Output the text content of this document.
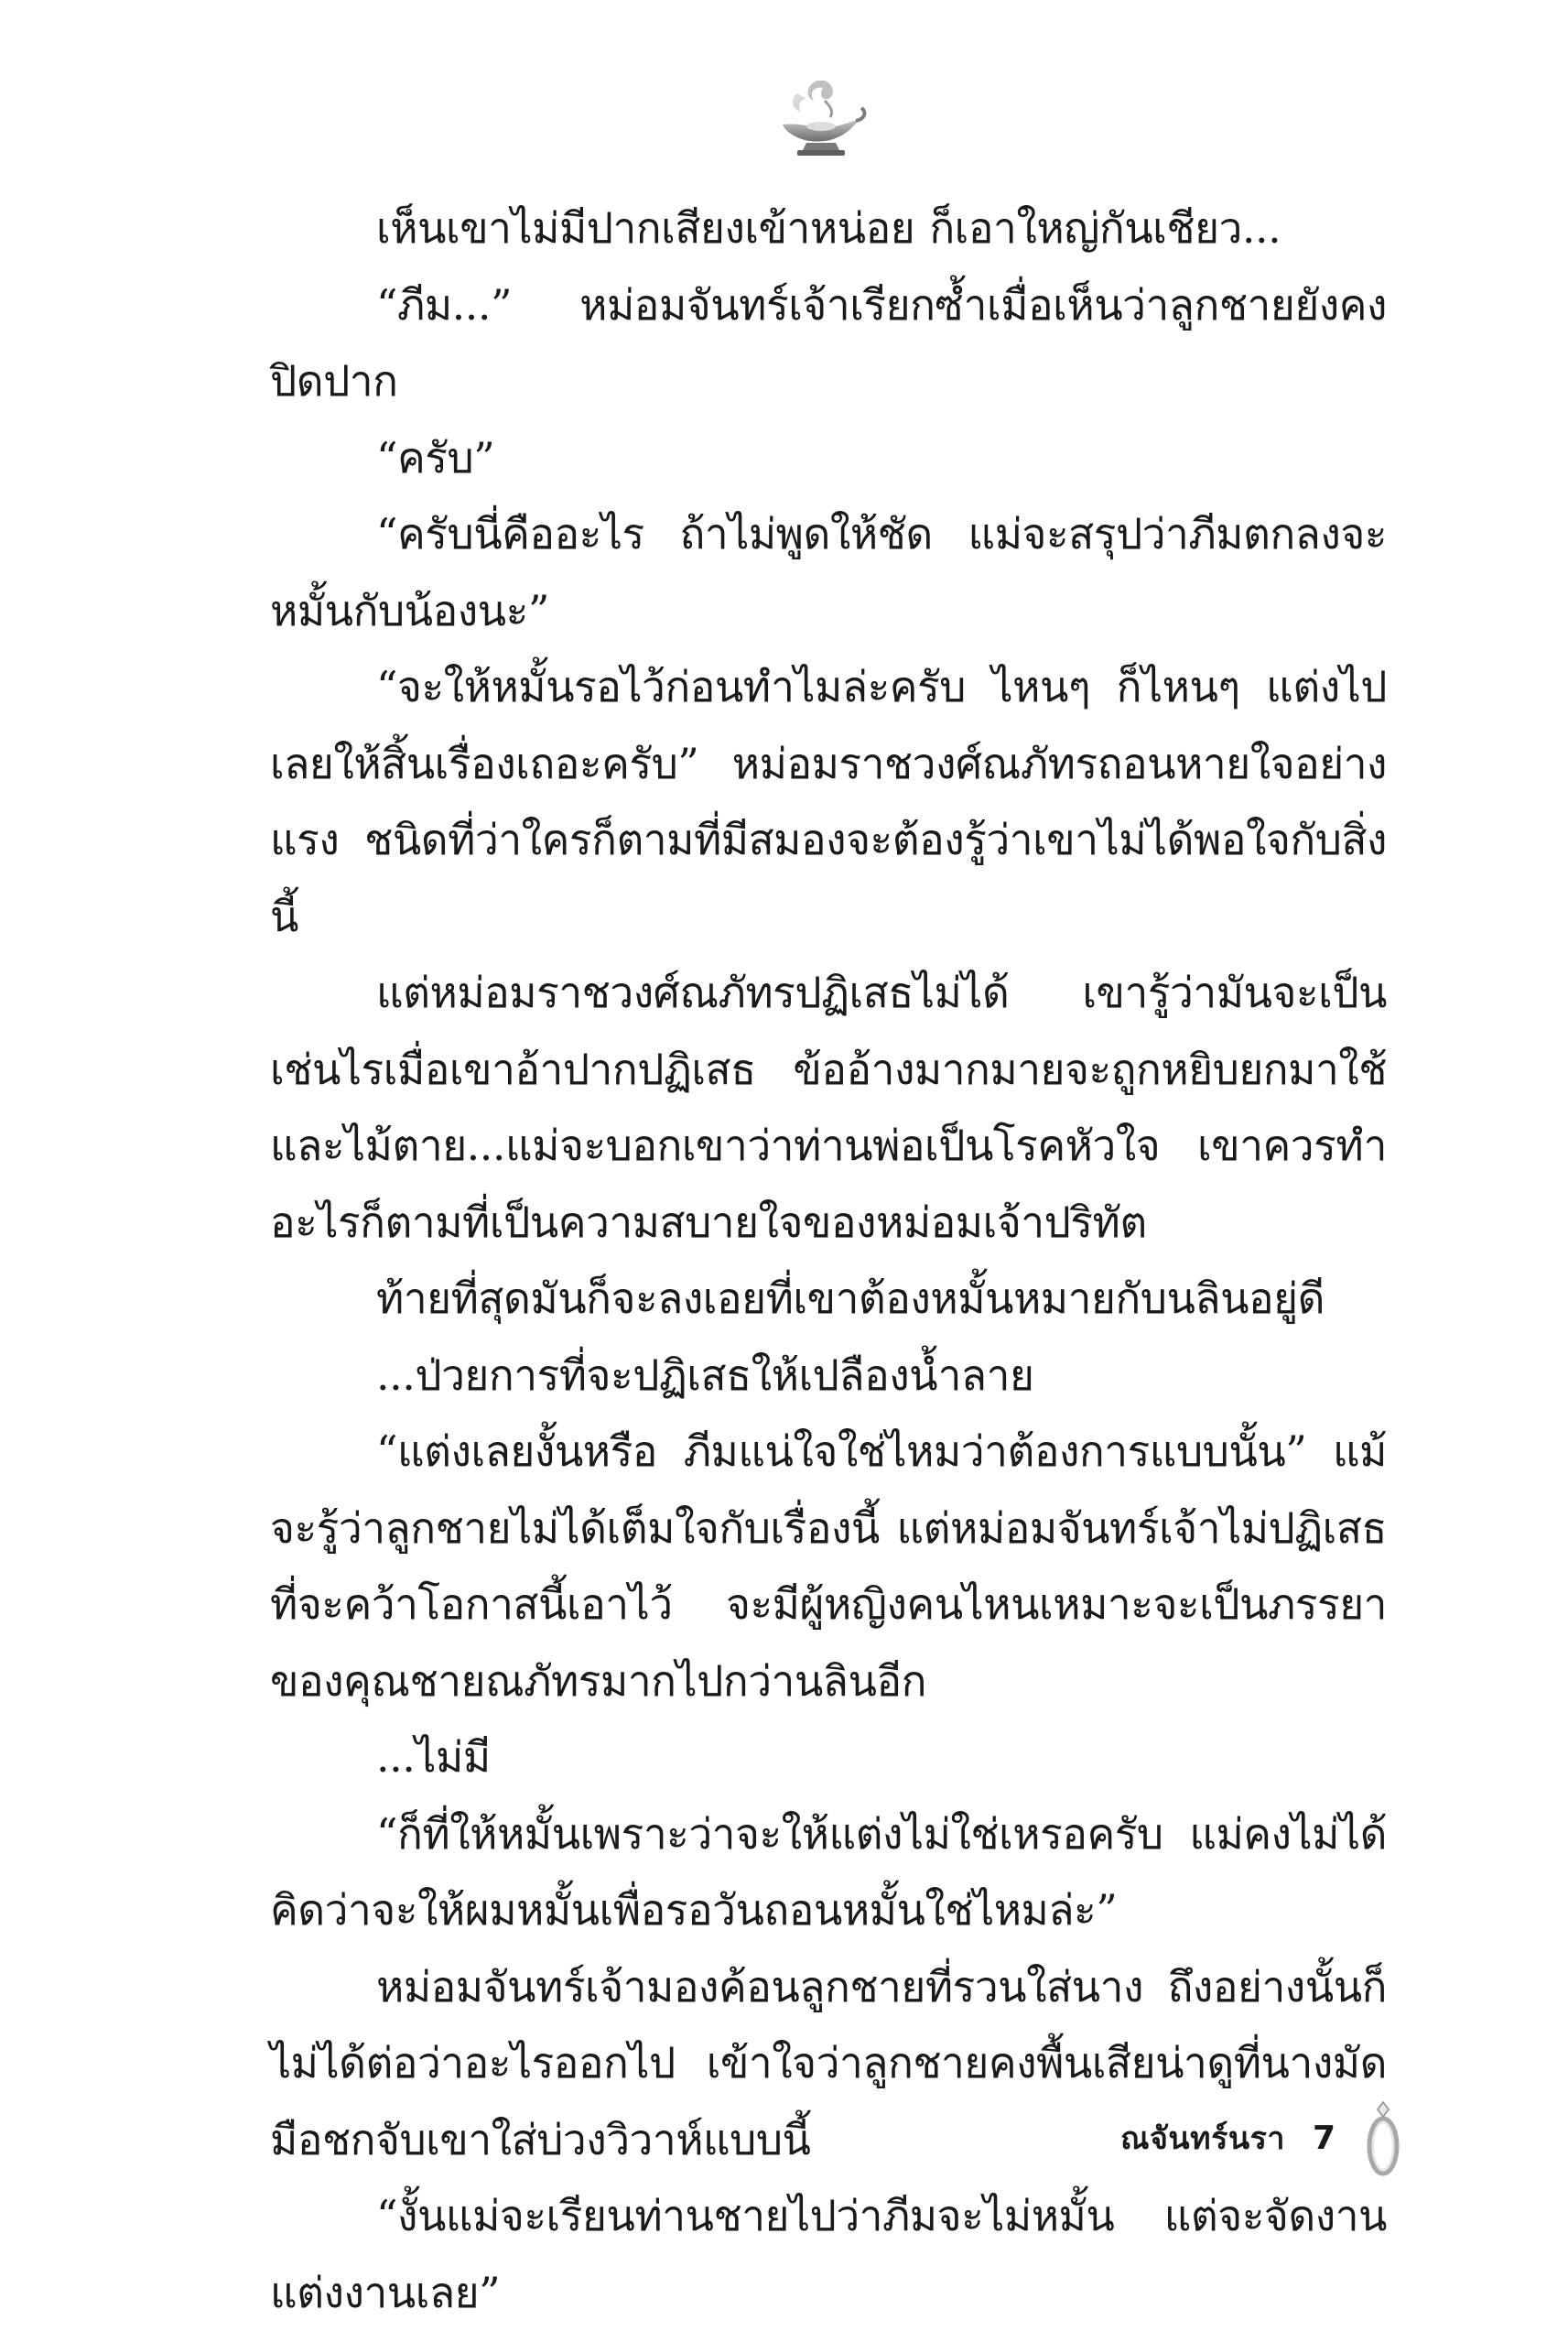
เห็นเขาไม่มีปากเสียงเข้าหน่อย ก็เอาใหญ่กันเชียว...

“ภีม...” หม่อมจันทร์เจ้าเรียกซ้ำเมื่อเห็นว่าลูกชายยังคงปิดปาก

“ครับ”

“ครับนี่คืออะไร ถ้าไม่พูดให้ชัด แม่จะสรุปว่าภีมตกลงจะหมั้นกับน้องนะ”

“จะให้หมั้นรอไว้ก่อนทำไมล่ะครับ ไหนๆ ก็ไหนๆ แต่งไปเลยให้สิ้นเรื่องเถอะครับ” หม่อมราชวงศ์ณภัทรถอนหายใจอย่างแรง ชนิดที่ว่าใครก็ตามที่มีสมองจะต้องรู้ว่าเขาไม่ได้พอใจกับสิ่งนี้

แต่หม่อมราชวงศ์ณภัทรปฏิเสธไม่ได้ เขารู้ว่ามันจะเป็นเช่นไรเมื่อเขาอ้าปากปฏิเสธ ข้ออ้างมากมายจะถูกหยิบยกมาใช้ และไม้ตาย...แม่จะบอกเขาว่าท่านพ่อเป็นโรคหัวใจ เขาควรทำอะไรก็ตามที่เป็นความสบายใจของหม่อมเจ้าปริทัต

ท้ายที่สุดมันก็จะลงเอยที่เขาต้องหมั้นหมายกับนลินอยู่ดี

...ป่วยการที่จะปฏิเสธให้เปลืองน้ำลาย

“แต่งเลยงั้นหรือ ภีมแน่ใจใช่ไหมว่าต้องการแบบนั้น” แม้จะรู้ว่าลูกชายไม่ได้เต็มใจกับเรื่องนี้ แต่หม่อมจันทร์เจ้าไม่ปฏิเสธที่จะคว้าโอกาสนี้เอาไว้ จะมีผู้หญิงคนไหนเหมาะจะเป็นภรรยาของคุณชายณภัทรมากไปกว่านลินอีก

...ไม่มี

“ก็ที่ให้หมั้นเพราะว่าจะให้แต่งไม่ใช่เหรอครับ แม่คงไม่ได้คิดว่าจะให้ผมหมั้นเพื่อรอวันถอนหมั้นใช่ไหมล่ะ”

หม่อมจันทร์เจ้ามองค้อนลูกชายที่รวนใส่นาง ถึงอย่างนั้นก็ไม่ได้ต่อว่าอะไรออกไป เข้าใจว่าลูกชายคงพื้นเสียน่าดูที่นางมัดมือชกจับเขาใส่บ่วงวิวาห์แบบนี้

“งั้นแม่จะเรียนท่านชายไปว่าภีมจะไม่หมั้น แต่จะจัดงานแต่งงานเลย”

ณจันทร์นรา 7
